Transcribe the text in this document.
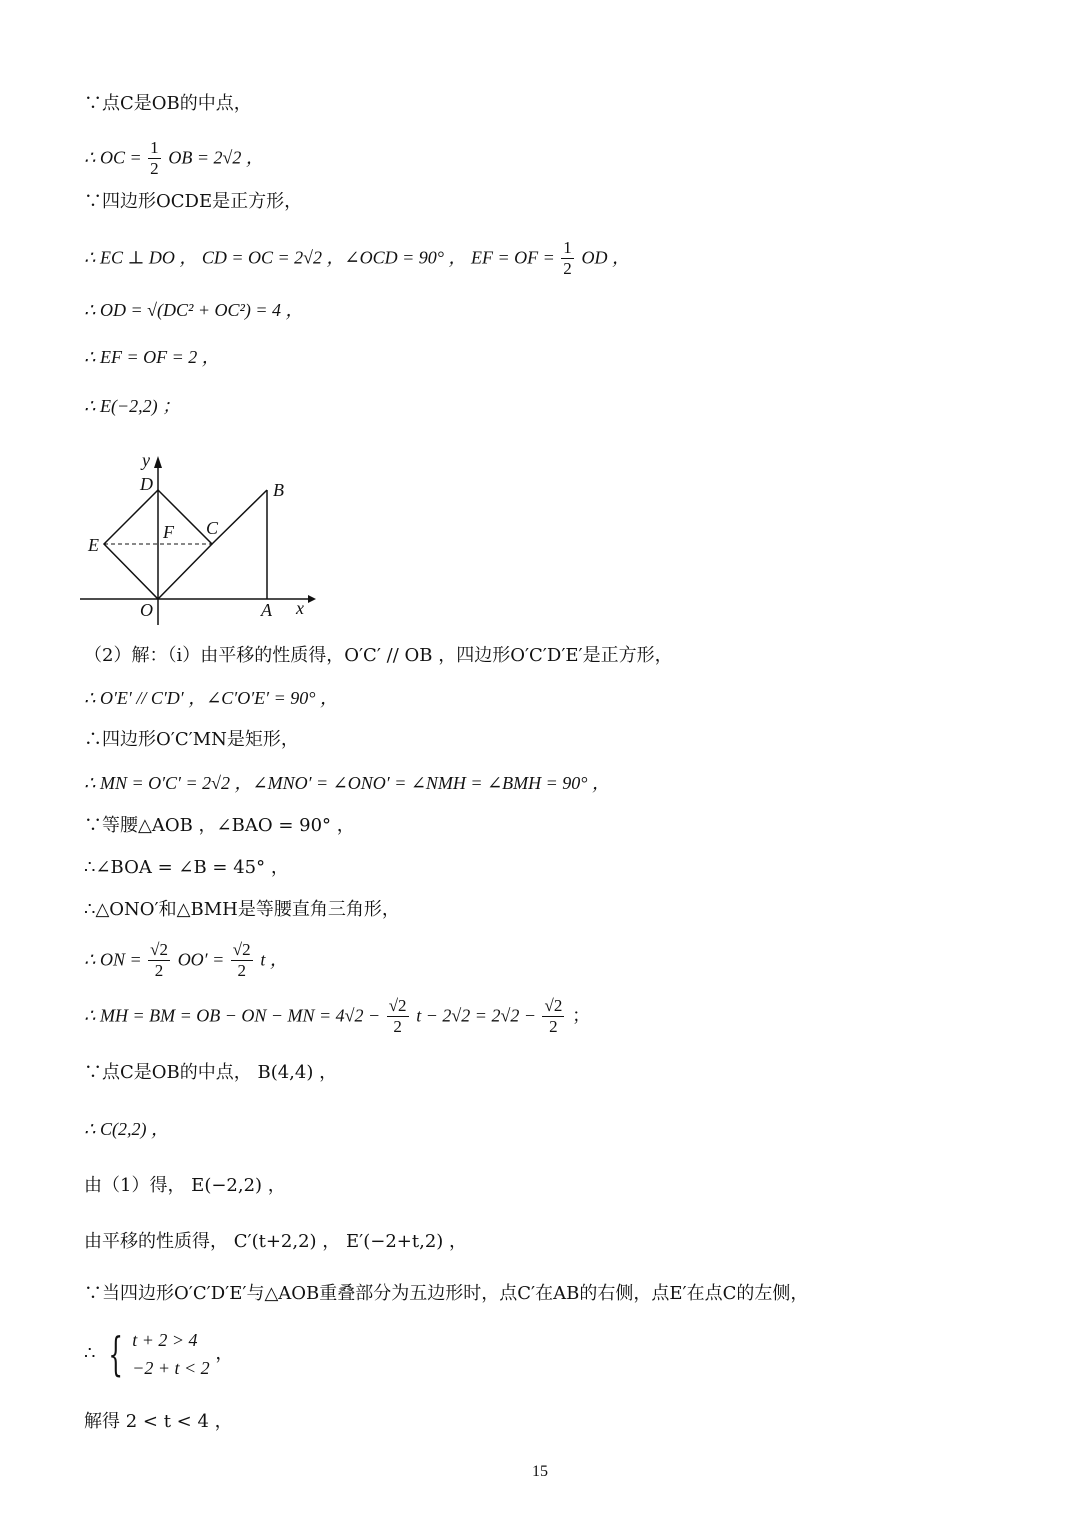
∵点C是OB的中点，
∴ OC = $\frac{1}{2}$ OB = 2√2 ，
∵四边形OCDE是正方形，
∴ EC ⊥ DO ， CD = OC = 2√2 ，∠OCD = 90° ， EF = OF = $\frac{1}{2}$ OD ，
∴ OD = √(DC² + OC²) = 4 ，
∴ EF = OF = 2 ，
∴ E(−2,2) ；
y
D	B
F C
E
O	A x
（2）解：（i）由平移的性质得，O′C′ // OB ，四边形O′C′D′E′是正方形，
∴ O′E′ // C′D′ ，∠C′O′E′ = 90° ，
∴四边形O′C′MN是矩形，
∴ MN = O′C′ = 2√2 ，∠MNO′ = ∠ONO′ = ∠NMH = ∠BMH = 90° ，
∵等腰△AOB ，∠BAO = 90° ，
∴∠BOA = ∠B = 45° ，
∴△ONO′和△BMH是等腰直角三角形，
∴ ON = $\frac{√2}{2} OO' = \frac{√2}{2}$ t ，
∴ MH = BM = OB − ON − MN = $4√2 - \frac{√2}{2}$ $t - 2√2 = 2√2 - \frac{√2}{2}$ ；
∵点C是OB的中点， B(4,4) ，
∴ C(2,2) ，
由（1）得， E(−2,2) ，
由平移的性质得， C′(t+2,2) ， E′(−2+t,2) ，
∵当四边形O′C′D′E′与△AOB重叠部分为五边形时，点C′在AB的右侧，点E′在点C的左侧，
∴ { t + 2 > 4
−2 + t < 2
，
解得 2 < t < 4 ，
15
